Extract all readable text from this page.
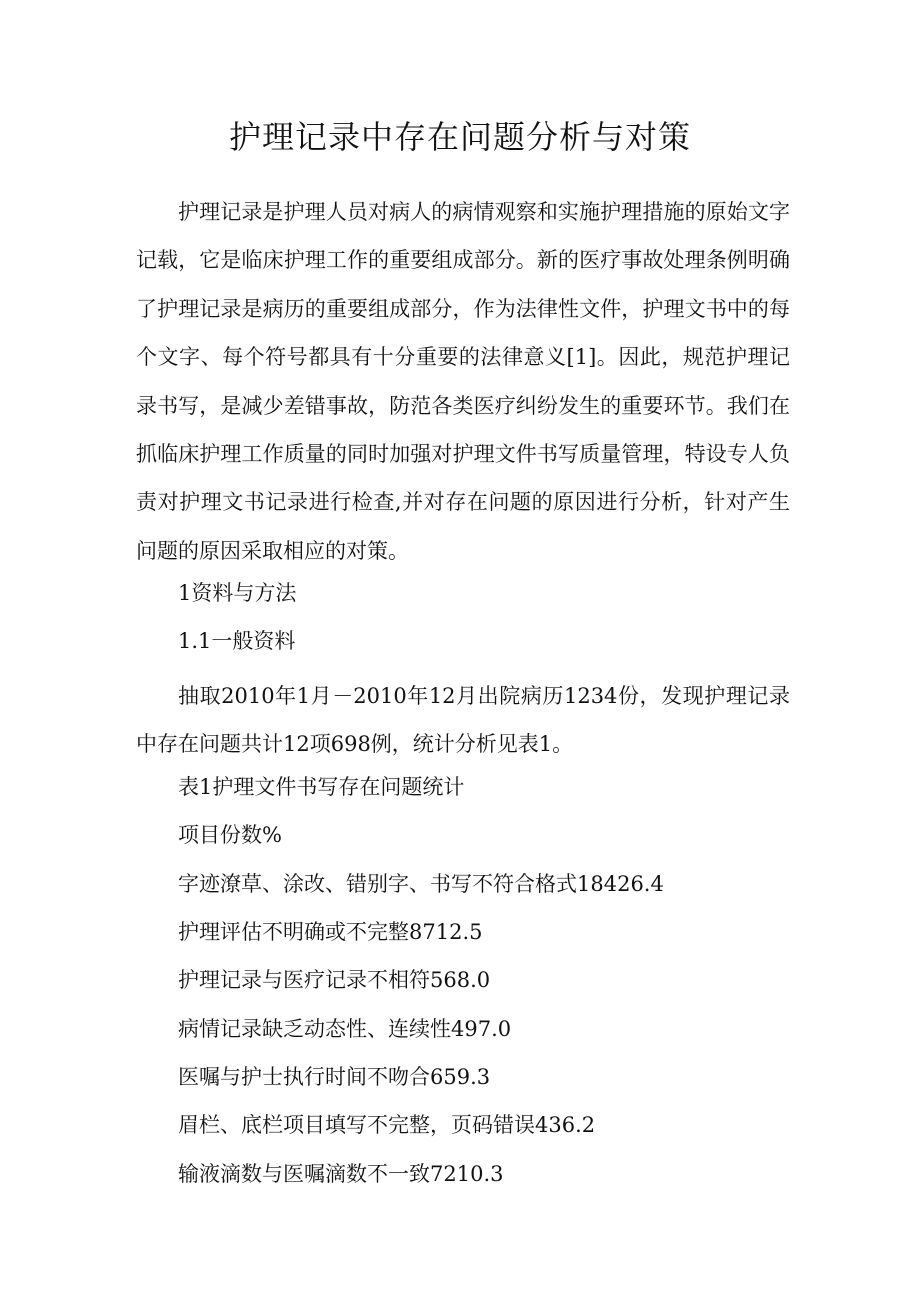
护理记录中存在问题分析与对策

护理记录是护理人员对病人的病情观察和实施护理措施的原始文字记载，它是临床护理工作的重要组成部分。新的医疗事故处理条例明确了护理记录是病历的重要组成部分，作为法律性文件，护理文书中的每个文字、每个符号都具有十分重要的法律意义[1]。因此，规范护理记录书写，是减少差错事故，防范各类医疗纠纷发生的重要环节。我们在抓临床护理工作质量的同时加强对护理文件书写质量管理，特设专人负责对护理文书记录进行检查,并对存在问题的原因进行分析，针对产生问题的原因采取相应的对策。

1资料与方法

1.1一般资料

抽取2010年1月－2010年12月出院病历1234份，发现护理记录中存在问题共计12项698例，统计分析见表1。

表1护理文件书写存在问题统计

项目份数%

字迹潦草、涂改、错别字、书写不符合格式18426.4

护理评估不明确或不完整8712.5

护理记录与医疗记录不相符568.0

病情记录缺乏动态性、连续性497.0

医嘱与护士执行时间不吻合659.3

眉栏、底栏项目填写不完整，页码错误436.2

输液滴数与医嘱滴数不一致7210.3
